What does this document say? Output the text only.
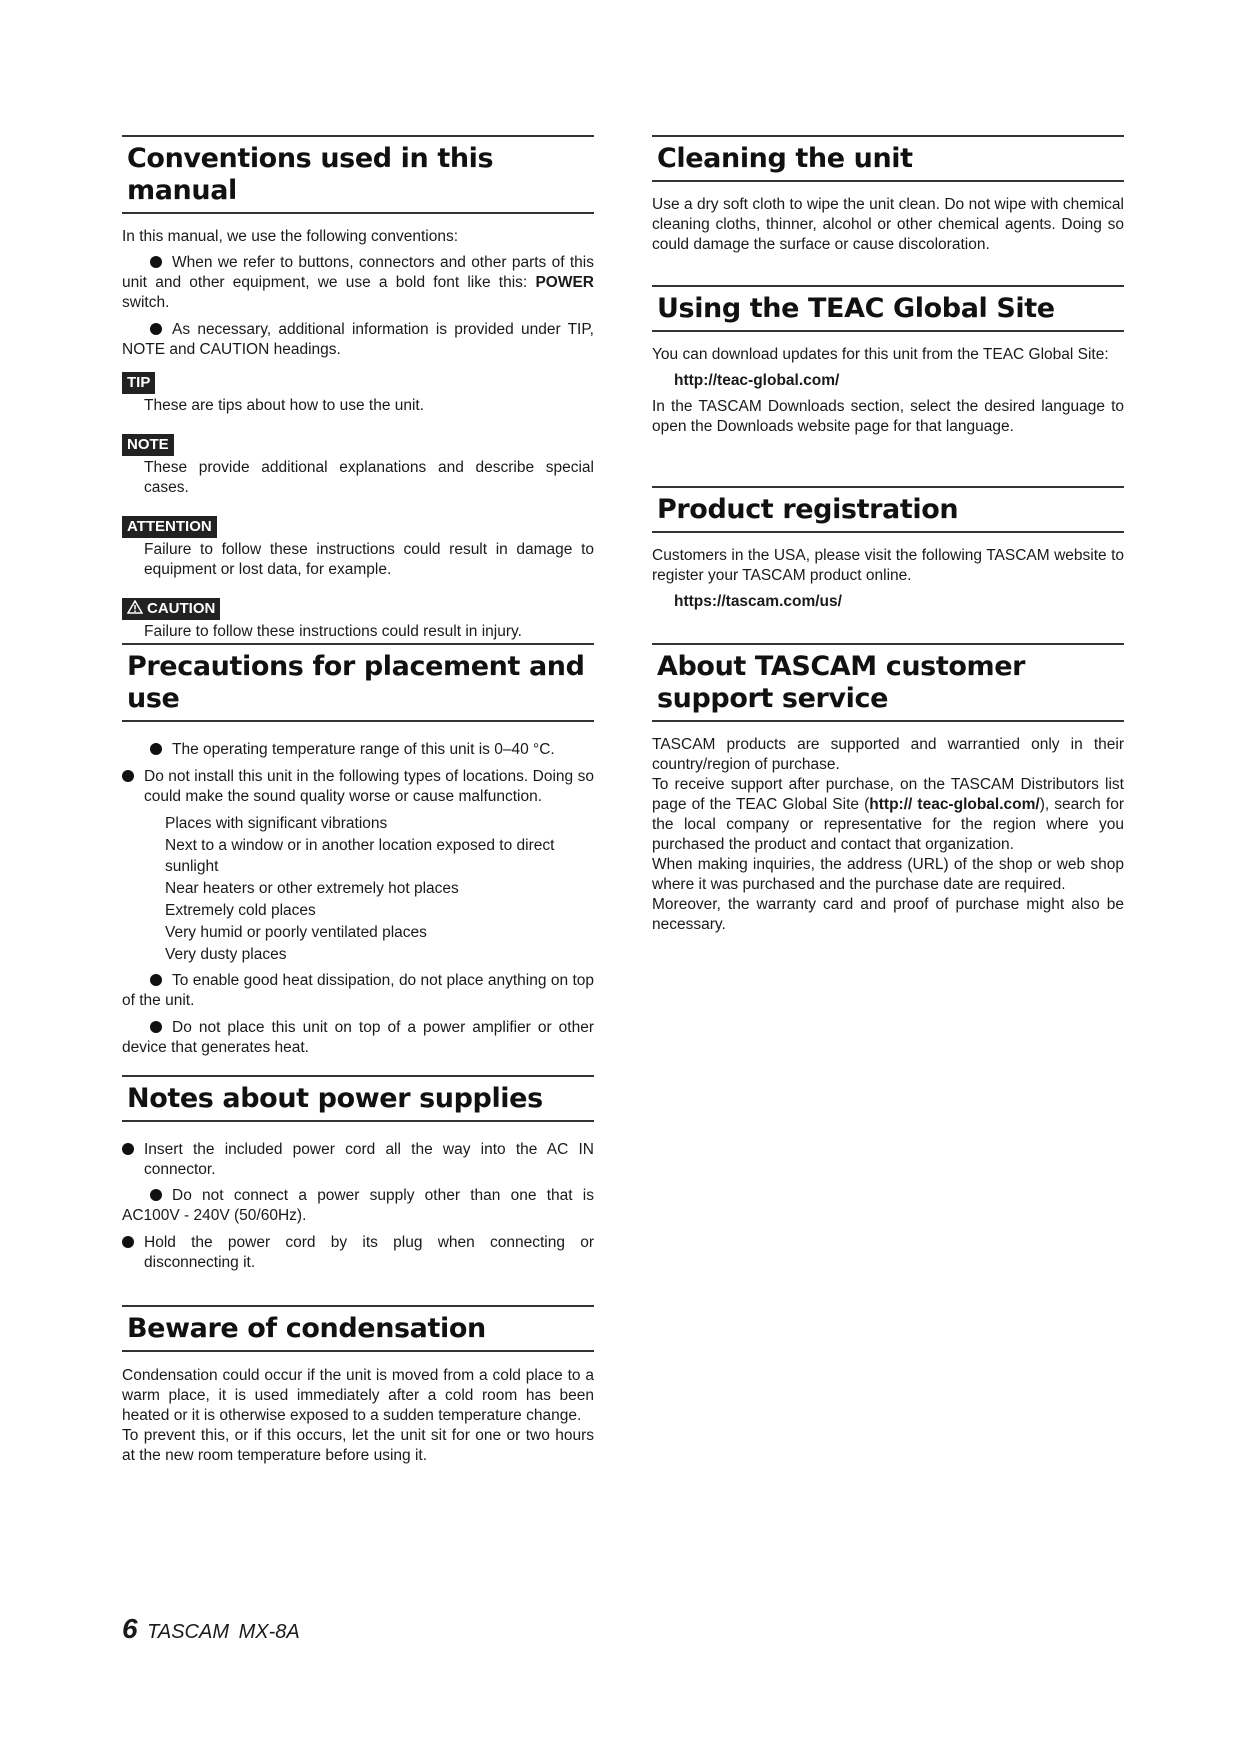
Conventions used in this manual

In this manual, we use the following conventions:

When we refer to buttons, connectors and other parts of this unit and other equipment, we use a bold font like this: POWER switch.
As necessary, additional information is provided under TIP, NOTE and CAUTION headings.
TIP
These are tips about how to use the unit.
NOTE
These provide additional explanations and describe special cases.
ATTENTION
Failure to follow these instructions could result in damage to equipment or lost data, for example.
CAUTION
Failure to follow these instructions could result in injury.
Precautions for placement and use
The operating temperature range of this unit is 0–40 °C.
Do not install this unit in the following types of locations. Doing so could make the sound quality worse or cause malfunction.
Places with significant vibrations
Next to a window or in another location exposed to direct sunlight
Near heaters or other extremely hot places
Extremely cold places
Very humid or poorly ventilated places
Very dusty places
To enable good heat dissipation, do not place anything on top of the unit.
Do not place this unit on top of a power amplifier or other device that generates heat.
Notes about power supplies
Insert the included power cord all the way into the AC IN connector.
Do not connect a power supply other than one that is AC100V - 240V (50/60Hz).
Hold the power cord by its plug when connecting or disconnecting it.
Beware of condensation

Condensation could occur if the unit is moved from a cold place to a warm place, it is used immediately after a cold room has been heated or it is otherwise exposed to a sudden temperature change.

To prevent this, or if this occurs, let the unit sit for one or two hours at the new room temperature before using it.

Cleaning the unit

Use a dry soft cloth to wipe the unit clean. Do not wipe with chemical cleaning cloths, thinner, alcohol or other chemical agents. Doing so could damage the surface or cause discoloration.

Using the TEAC Global Site

You can download updates for this unit from the TEAC Global Site:

http://teac-global.com/

In the TASCAM Downloads section, select the desired language to open the Downloads website page for that language.

Product registration

Customers in the USA, please visit the following TASCAM website to register your TASCAM product online.

https://tascam.com/us/
About TASCAM customer support service

TASCAM products are supported and warrantied only in their country/region of purchase.

To receive support after purchase, on the TASCAM Distributors list page of the TEAC Global Site (http:// teac-global.com/), search for the local company or representative for the region where you purchased the product and contact that organization.

When making inquiries, the address (URL) of the shop or web shop where it was purchased and the purchase date are required.

Moreover, the warranty card and proof of purchase might also be necessary.

6 TASCAM MX-8A
